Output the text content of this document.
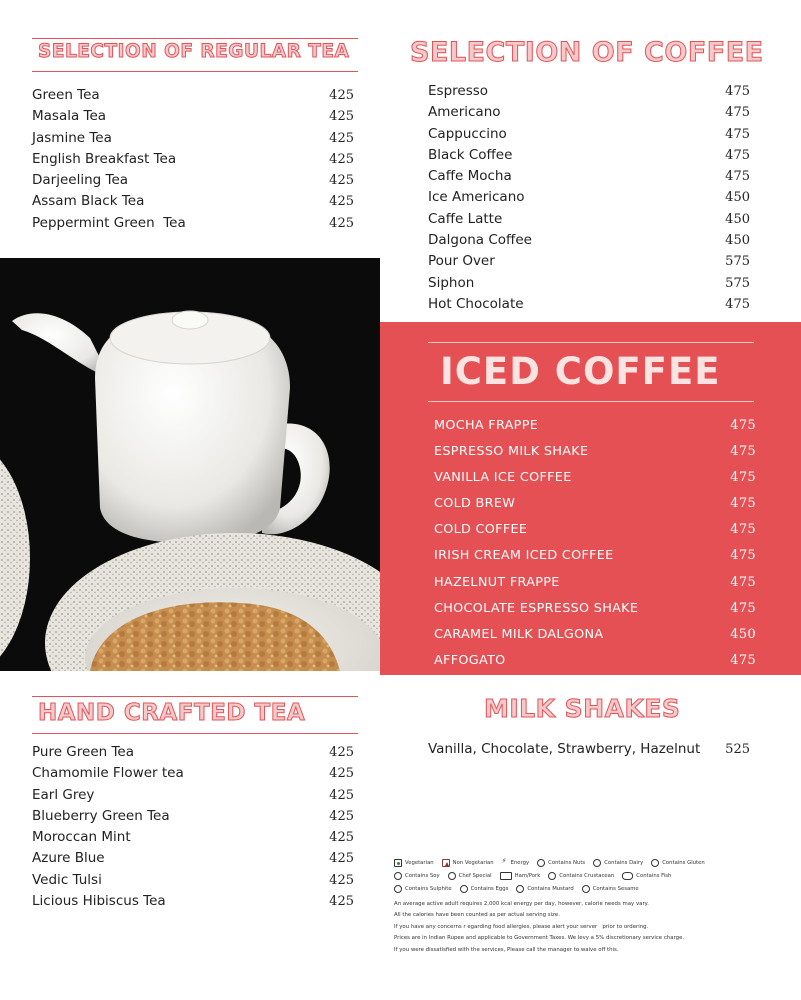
SELECTION OF REGULAR TEA
Green Tea	425
Masala Tea	425
Jasmine Tea	425
English Breakfast Tea	425
Darjeeling Tea	425
Assam Black Tea	425
Peppermint Green  Tea	425
SELECTION OF COFFEE
Espresso	475
Americano	475
Cappuccino	475
Black Coffee	475
Caffe Mocha	475
Ice Americano	450
Caffe Latte	450
Dalgona Coffee	450
Pour Over	575
Siphon	575
Hot Chocolate	475
ICED COFFEE
MOCHA FRAPPE	475
ESPRESSO MILK SHAKE	475
VANILLA ICE COFFEE	475
COLD BREW	475
COLD COFFEE	475
IRISH CREAM ICED COFFEE	475
HAZELNUT FRAPPE	475
CHOCOLATE ESPRESSO SHAKE	475
CARAMEL MILK DALGONA	450
AFFOGATO	475
HAND CRAFTED TEA
Pure Green Tea	425
Chamomile Flower tea	425
Earl Grey	425
Blueberry Green Tea	425
Moroccan Mint	425
Azure Blue	425
Vedic Tulsi	425
Licious Hibiscus Tea	425
MILK SHAKES
Vanilla, Chocolate, Strawberry, Hazelnut 525
Vegetarian	Non Vegetarian ⚡	Energy	Contains Nuts	Contains Dairy	Contains Gluten
Contains Soy	Chef Special	Ham/Pork	Contains Crustacean	Contains Fish
Contains Sulphite	Contains Eggs	Contains Mustard	Contains Sesame
An average active adult requires 2,000 kcal energy per day, however, calorie needs may vary.
All the calories have been counted as per actual serving size.
If you have any concerns r egarding food allergies, please alert your server   prior to ordering.
Prices are in Indian Rupee and applicable to Government Taxes. We levy a 5% discretionary service charge.
If you were dissatisfied with the services, Please call the manager to waive off this.
